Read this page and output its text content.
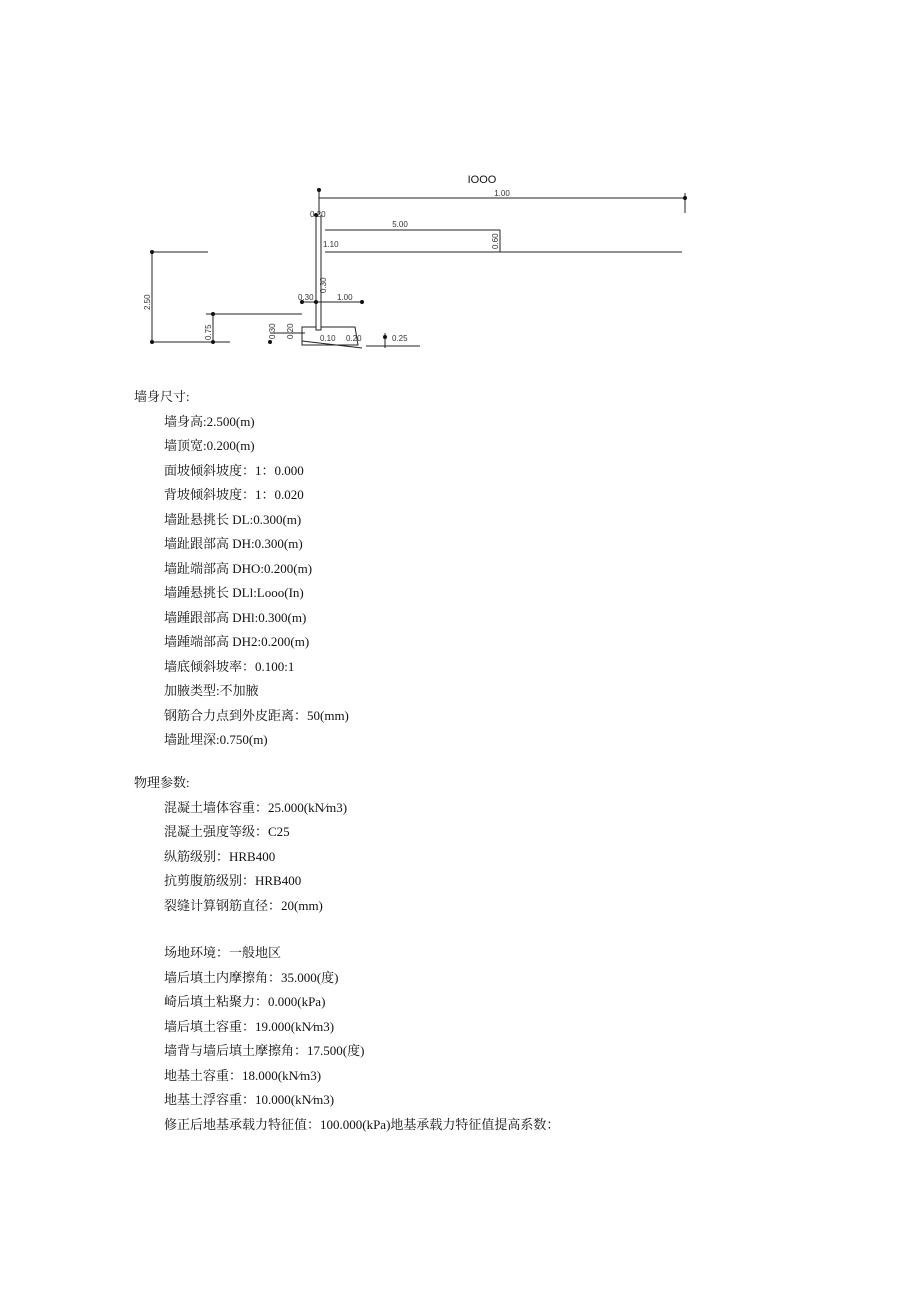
IOOO
1.00
0.20
5.00
0.60
1.10
2.50
0.75
0.30
0.30
1.00
0.30 0.20	0.10 0.20	0.25

墙身尺寸:

墙身高:2.500(m)

墙顶宽:0.200(m)

面坡倾斜坡度：1：0.000

背坡倾斜坡度：1：0.020

墙趾悬挑长 DL:0.300(m)

墙趾跟部高 DH:0.300(m)

墙趾端部高 DHO:0.200(m)

墙踵悬挑长 DLl:Looo(In)

墙踵跟部高 DHl:0.300(m)

墙踵端部高 DH2:0.200(m)

墙底倾斜坡率：0.100:1

加腋类型:不加腋

钢筋合力点到外皮距离：50(mm)

墙趾埋深:0.750(m)

物理参数:

混凝土墙体容重：25.000(kN∕m3)

混凝土强度等级：C25

纵筋级别：HRB400

抗剪腹筋级别：HRB400

裂缝计算钢筋直径：20(mm)

场地环境：一般地区

墙后填土内摩擦角：35.000(度)

崎后填土粘聚力：0.000(kPa)

墙后填土容重：19.000(kN∕m3)

墙背与墙后填土摩擦角：17.500(度)

地基土容重：18.000(kN∕m3)

地基土浮容重：10.000(kN∕m3)

修正后地基承载力特征值：100.000(kPa)地基承载力特征值提高系数：
